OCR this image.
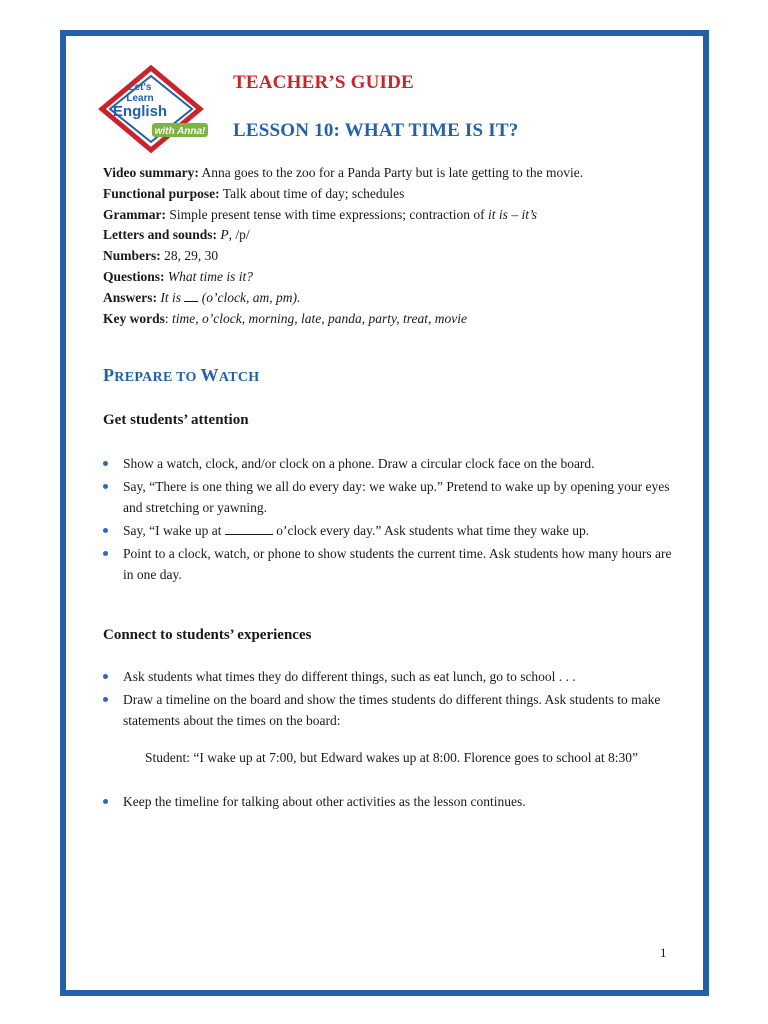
Let's
Learn
English
with Anna!
TEACHER’S GUIDE
LESSON 10: WHAT TIME IS IT?
Video summary: Anna goes to the zoo for a Panda Party but is late getting to the movie.
Functional purpose: Talk about time of day; schedules
Grammar: Simple present tense with time expressions; contraction of it is – it’s
Letters and sounds: P, /p/
Numbers: 28, 29, 30
Questions: What time is it?
Answers: It is  (o’clock, am, pm).
Key words: time, o’clock, morning, late, panda, party, treat, movie
PREPARE TO WATCH
Get students’ attention
Show a watch, clock, and/or clock on a phone. Draw a circular clock face on the board.
Say, “There is one thing we all do every day: we wake up.” Pretend to wake up by opening your eyes and stretching or yawning.
Say, “I wake up at	o’clock every day.” Ask students what time they wake up.
Point to a clock, watch, or phone to show students the current time. Ask students how many hours are in one day.
Connect to students’ experiences
Ask students what times they do different things, such as eat lunch, go to school . . .
Draw a timeline on the board and show the times students do different things. Ask students to make statements about the times on the board:
Student: “I wake up at 7:00, but Edward wakes up at 8:00. Florence goes to school at 8:30”
Keep the timeline for talking about other activities as the lesson continues.
1
